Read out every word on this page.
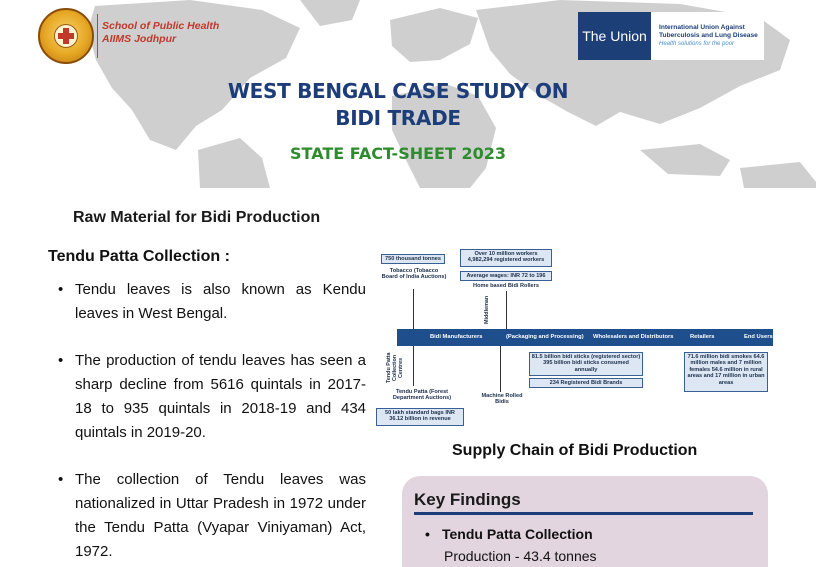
School of Public Health
AIIMS Jodhpur	The Union
International Union Against
Tuberculosis and Lung Disease
Health solutions for the poor
WEST BENGAL CASE STUDY ON
BIDI TRADE
STATE FACT-SHEET 2023
Raw Material for Bidi Production
Tendu Patta Collection :
• Tendu leaves is also known as Kendu leaves in West Bengal.
• The production of tendu leaves has seen a sharp decline from 5616 quintals in 2017-18 to 935 quintals in 2018-19 and 434 quintals in 2019-20.
• The collection of Tendu leaves was nationalized in Uttar Pradesh in 1972 under the Tendu Patta (Vyapar Viniyaman) Act, 1972.
750 thousand tonnes
Tobacco (Tobacco Board of India Auctions)
Over 10 million workers 4,982,294 registered workers
Average wages: INR 72 to 196
Home based Bidi Rollers
Middleman
Bidi Manufacturers	(Packaging and Processing) Wholesalers and Distributors	Retailers	End Users
Tendu Patta Collection Centres
Tendu Patta (Forest Department Auctions)
50 lakh standard bags INR 36.12 billion in revenue
Machine Rolled Bidis
81.5 billion bidi sticks (registered sector) 395 billion bidi sticks consumed annually
234 Registered Bidi Brands
71.6 million bidi smokes 64.6 million males and 7 million females 54.6 million in rural areas and 17 million in urban areas
Supply Chain of Bidi Production
Key Findings
• Tendu Patta Collection
Production - 43.4 tonnes
